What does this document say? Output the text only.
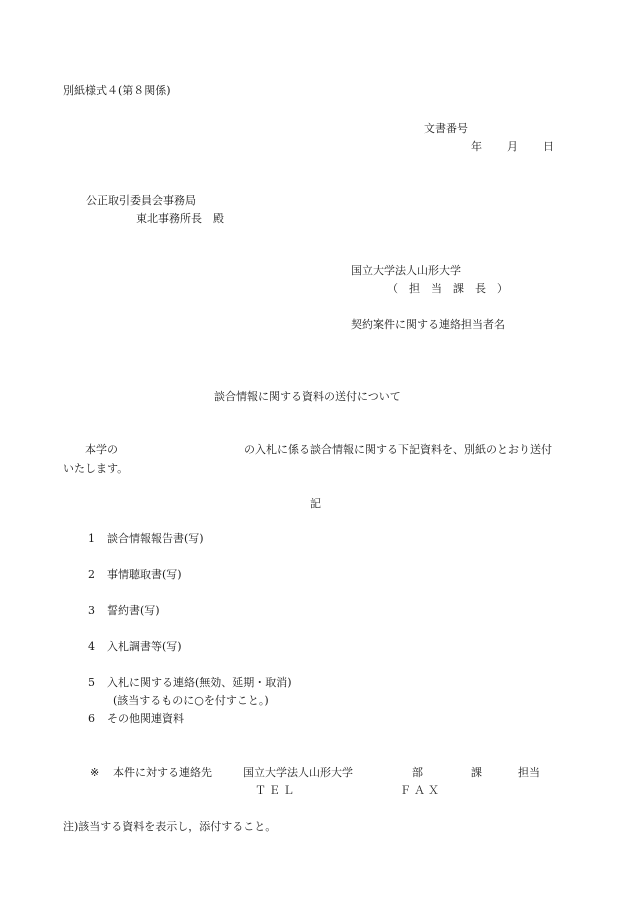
別紙様式４(第８関係)
文書番号
年 月 日
公正取引委員会事務局
東北事務所長　殿
国立大学法人山形大学
（　担　当　課　長　）
契約案件に関する連絡担当者名
談合情報に関する資料の送付について
本学の	の入札に係る談合情報に関する下記資料を、別紙のとおり送付いたします。
記
1 談合情報報告書(写)
2 事情聴取書(写)
3 誓約書(写)
4 入札調書等(写)
5 入札に関する連絡(無効、延期・取消)
(該当するものに○を付すこと。)
6 その他関連資料
※ 本件に対する連絡先	国立大学法人山形大学	部	課	担当
ＴＥＬ	ＦＡＸ
注)該当する資料を表示し，添付すること。
